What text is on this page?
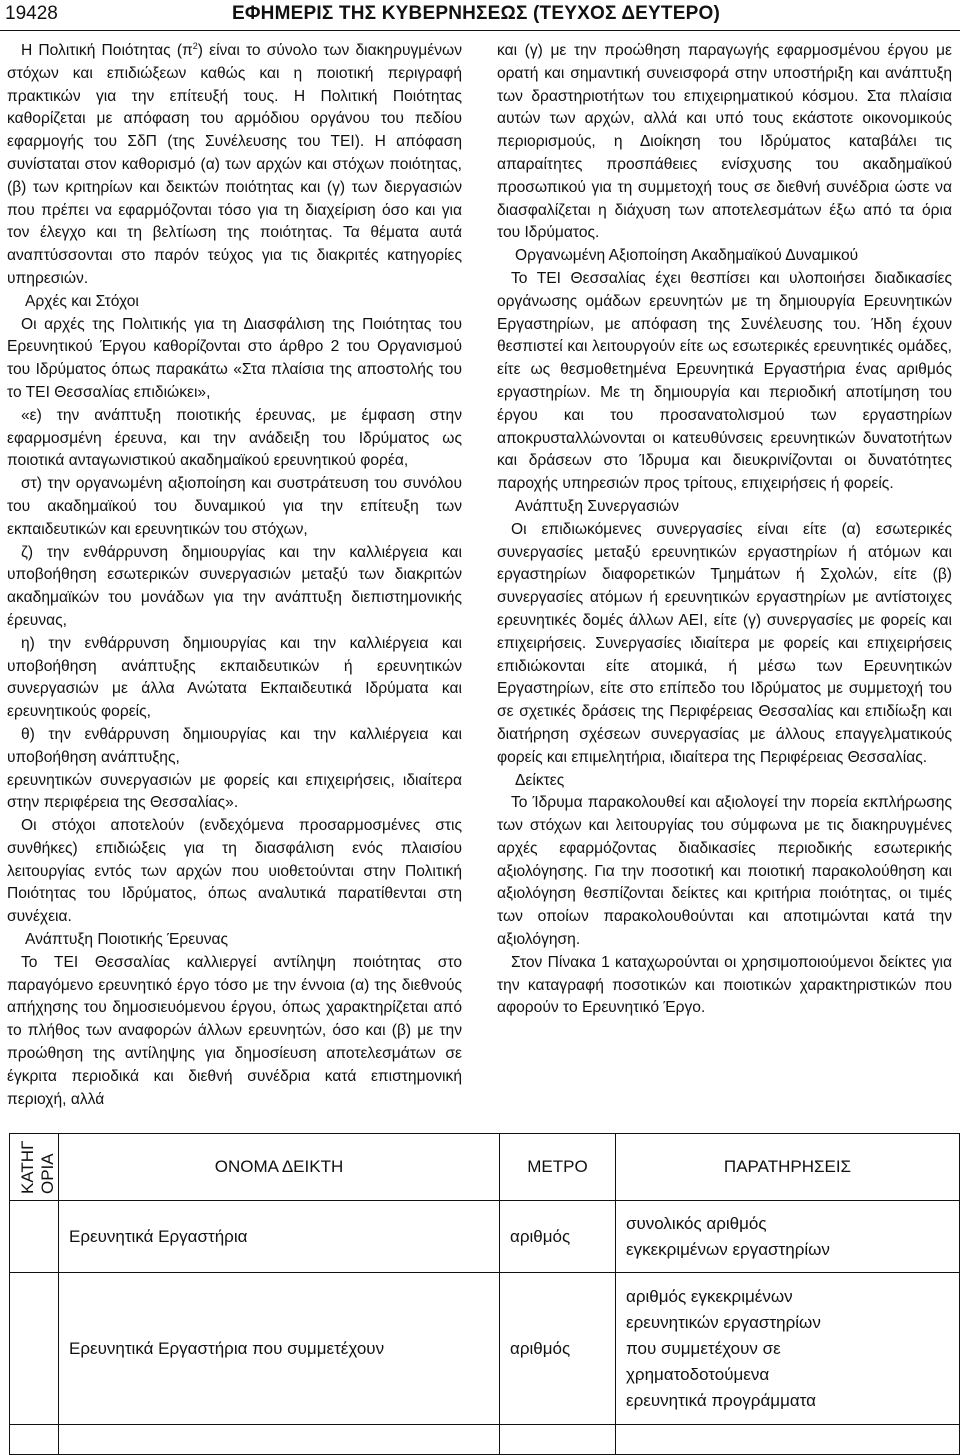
19428	ΕΦΗΜΕΡΙΣ ΤΗΣ ΚΥΒΕΡΝΗΣΕΩΣ (ΤΕΥΧΟΣ ΔΕΥΤΕΡΟ)

Η Πολιτική Ποιότητας $(\pi^2)$ είναι το σύνολο των διακηρυγμένων στόχων και επιδιώξεων καθώς και η ποιοτική περιγραφή πρακτικών για την επίτευξή τους. Η Πολιτική Ποιότητας καθορίζεται με απόφαση του αρμόδιου οργάνου του πεδίου εφαρμογής του ΣδΠ (της Συνέλευσης του ΤΕΙ). Η απόφαση συνίσταται στον καθορισμό (α) των αρχών και στόχων ποιότητας, (β) των κριτηρίων και δεικτών ποιότητας και (γ) των διεργασιών που πρέπει να εφαρμόζονται τόσο για τη διαχείριση όσο και για τον έλεγχο και τη βελτίωση της ποιότητας. Τα θέματα αυτά αναπτύσσονται στο παρόν τεύχος για τις διακριτές κατηγορίες υπηρεσιών.

Αρχές και Στόχοι

Οι αρχές της Πολιτικής για τη Διασφάλιση της Ποιότητας του Ερευνητικού Έργου καθορίζονται στο άρθρο 2 του Οργανισμού του Ιδρύματος όπως παρακάτω «Στα πλαίσια της αποστολής του το ΤΕΙ Θεσσαλίας επιδιώκει»,

«ε) την ανάπτυξη ποιοτικής έρευνας, με έμφαση στην εφαρμοσμένη έρευνα, και την ανάδειξη του Ιδρύματος ως ποιοτικά ανταγωνιστικού ακαδημαϊκού ερευνητικού φορέα,

στ) την οργανωμένη αξιοποίηση και συστράτευση του συνόλου του ακαδημαϊκού του δυναμικού για την επίτευξη των εκπαιδευτικών και ερευνητικών του στόχων,

ζ) την ενθάρρυνση δημιουργίας και την καλλιέργεια και υποβοήθηση εσωτερικών συνεργασιών μεταξύ των διακριτών ακαδημαϊκών του μονάδων για την ανάπτυξη διεπιστημονικής έρευνας,

η) την ενθάρρυνση δημιουργίας και την καλλιέργεια και υποβοήθηση ανάπτυξης εκπαιδευτικών ή ερευνητικών συνεργασιών με άλλα Ανώτατα Εκπαιδευτικά Ιδρύματα και ερευνητικούς φορείς,

θ) την ενθάρρυνση δημιουργίας και την καλλιέργεια και υποβοήθηση ανάπτυξης,

ερευνητικών συνεργασιών με φορείς και επιχειρήσεις, ιδιαίτερα στην περιφέρεια της Θεσσαλίας».

Οι στόχοι αποτελούν (ενδεχόμενα προσαρμοσμένες στις συνθήκες) επιδιώξεις για τη διασφάλιση ενός πλαισίου λειτουργίας εντός των αρχών που υιοθετούνται στην Πολιτική Ποιότητας του Ιδρύματος, όπως αναλυτικά παρατίθενται στη συνέχεια.

Ανάπτυξη Ποιοτικής Έρευνας

Το ΤΕΙ Θεσσαλίας καλλιεργεί αντίληψη ποιότητας στο παραγόμενο ερευνητικό έργο τόσο με την έννοια (α) της διεθνούς απήχησης του δημοσιευόμενου έργου, όπως χαρακτηρίζεται από το πλήθος των αναφορών άλλων ερευνητών, όσο και (β) με την προώθηση της αντίληψης για δημοσίευση αποτελεσμάτων σε έγκριτα περιοδικά και διεθνή συνέδρια κατά επιστημονική περιοχή, αλλά

και (γ) με την προώθηση παραγωγής εφαρμοσμένου έργου με ορατή και σημαντική συνεισφορά στην υποστήριξη και ανάπτυξη των δραστηριοτήτων του επιχειρηματικού κόσμου. Στα πλαίσια αυτών των αρχών, αλλά και υπό τους εκάστοτε οικονομικούς περιορισμούς, η Διοίκηση του Ιδρύματος καταβάλει τις απαραίτητες προσπάθειες ενίσχυσης του ακαδημαϊκού προσωπικού για τη συμμετοχή τους σε διεθνή συνέδρια ώστε να διασφαλίζεται η διάχυση των αποτελεσμάτων έξω από τα όρια του Ιδρύματος.

Οργανωμένη Αξιοποίηση Ακαδημαϊκού Δυναμικού

Το ΤΕΙ Θεσσαλίας έχει θεσπίσει και υλοποιήσει διαδικασίες οργάνωσης ομάδων ερευνητών με τη δημιουργία Ερευνητικών Εργαστηρίων, με απόφαση της Συνέλευσης του. Ήδη έχουν θεσπιστεί και λειτουργούν είτε ως εσωτερικές ερευνητικές ομάδες, είτε ως θεσμοθετημένα Ερευνητικά Εργαστήρια ένας αριθμός εργαστηρίων. Με τη δημιουργία και περιοδική αποτίμηση του έργου και του προσανατολισμού των εργαστηρίων αποκρυσταλλώνονται οι κατευθύνσεις ερευνητικών δυνατοτήτων και δράσεων στο Ίδρυμα και διευκρινίζονται οι δυνατότητες παροχής υπηρεσιών προς τρίτους, επιχειρήσεις ή φορείς.

Ανάπτυξη Συνεργασιών

Οι επιδιωκόμενες συνεργασίες είναι είτε (α) εσωτερικές συνεργασίες μεταξύ ερευνητικών εργαστηρίων ή ατόμων και εργαστηρίων διαφορετικών Τμημάτων ή Σχολών, είτε (β) συνεργασίες ατόμων ή ερευνητικών εργαστηρίων με αντίστοιχες ερευνητικές δομές άλλων ΑΕΙ, είτε (γ) συνεργασίες με φορείς και επιχειρήσεις. Συνεργασίες ιδιαίτερα με φορείς και επιχειρήσεις επιδιώκονται είτε ατομικά, ή μέσω των Ερευνητικών Εργαστηρίων, είτε στο επίπεδο του Ιδρύματος με συμμετοχή του σε σχετικές δράσεις της Περιφέρειας Θεσσαλίας και επιδίωξη και διατήρηση σχέσεων συνεργασίας με άλλους επαγγελματικούς φορείς και επιμελητήρια, ιδιαίτερα της Περιφέρειας Θεσσαλίας.

Δείκτες

Το Ίδρυμα παρακολουθεί και αξιολογεί την πορεία εκπλήρωσης των στόχων και λειτουργίας του σύμφωνα με τις διακηρυγμένες αρχές εφαρμόζοντας διαδικασίες περιοδικής εσωτερικής αξιολόγησης. Για την ποσοτική και ποιοτική παρακολούθηση και αξιολόγηση θεσπίζονται δείκτες και κριτήρια ποιότητας, οι τιμές των οποίων παρακολουθούνται και αποτιμώνται κατά την αξιολόγηση.

Στον Πίνακα 1 καταχωρούνται οι χρησιμοποιούμενοι δείκτες για την καταγραφή ποσοτικών και ποιοτικών χαρακτηριστικών που αφορούν το Ερευνητικό Έργο.

ΚΑΤΗΓ ΟΡΙΑ	ΟΝΟΜΑ ΔΕΙΚΤΗ	ΜΕΤΡΟ	ΠΑΡΑΤΗΡΗΣΕΙΣ
	Ερευνητικά Εργαστήρια	αριθμός	συνολικός αριθμός
εγκεκριμένων εργαστηρίων

	Ερευνητικά Εργαστήρια που συμμετέχουν	αριθμός	αριθμός εγκεκριμένων
ερευνητικών εργαστηρίων
που συμμετέχουν σε
χρηματοδοτούμενα
ερευνητικά προγράμματα
